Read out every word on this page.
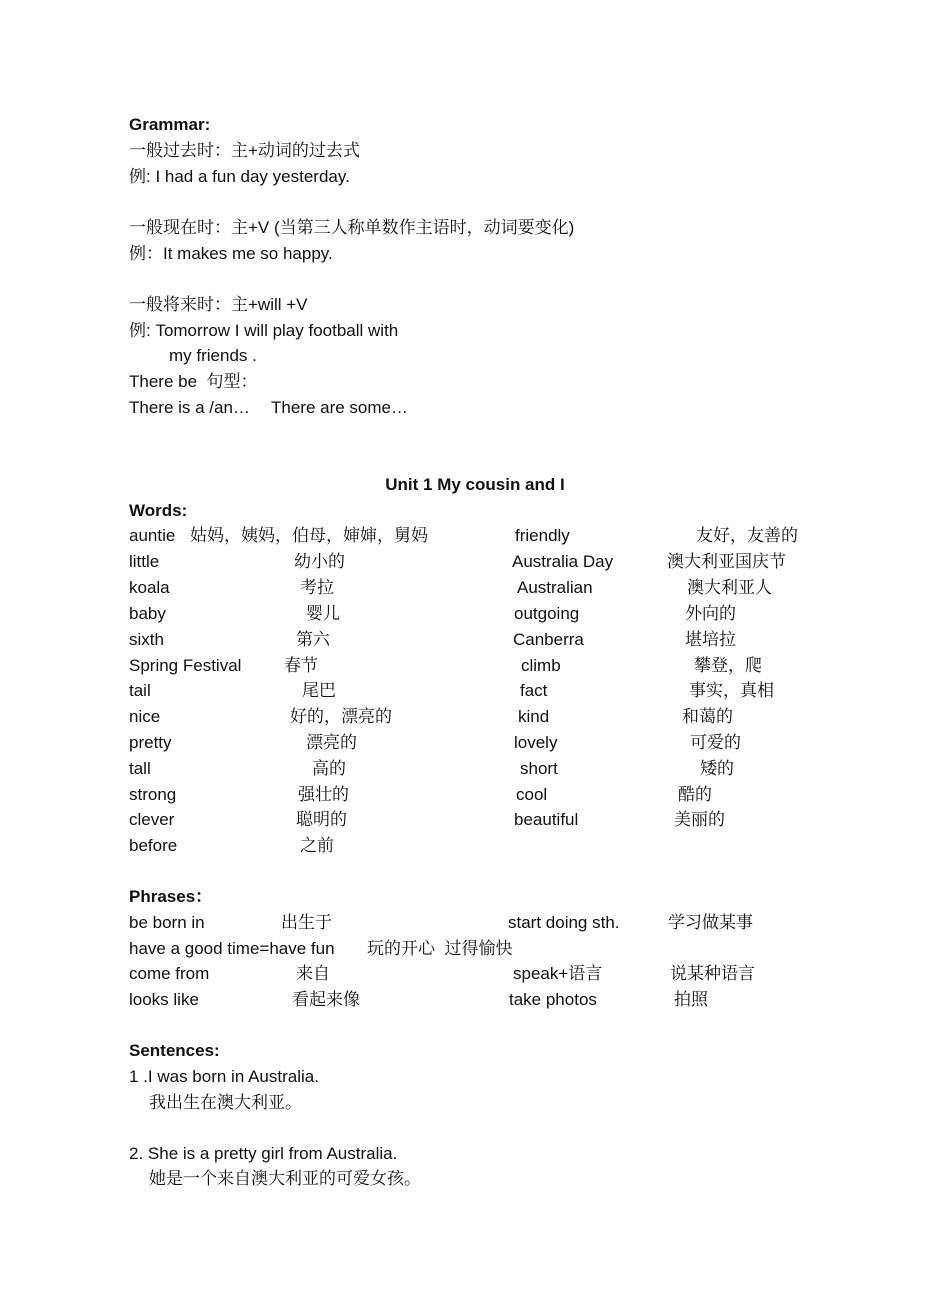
Grammar:
一般过去时：主+动词的过去式
例: I had a fun day yesterday.
一般现在时：主+V (当第三人称单数作主语时，动词要变化)
例：It makes me so happy.
一般将来时：主+will +V
例: Tomorrow I will play football with
my friends .
There be  句型：
There is a /an… There are some…
Unit 1 My cousin and I
Words:
auntie 姑妈，姨妈，伯母，婶婶，舅妈	friendly	友好，友善的
little	幼小的	Australia Day	澳大利亚国庆节
koala	考拉	Australian	澳大利亚人
baby	婴儿	outgoing	外向的
sixth	第六	Canberra	堪培拉
Spring Festival	春节	climb	攀登，爬
tail	尾巴	fact	事实，真相
nice	好的，漂亮的	kind	和蔼的
pretty	漂亮的	lovely	可爱的
tall	高的	short	矮的
strong	强壮的	cool	酷的
clever	聪明的	beautiful	美丽的
before	之前
Phrases：
be born in	出生于	start doing sth.	学习做某事
have a good time=have fun 玩的开心  过得愉快
come from	来自	speak+语言	说某种语言
looks like	看起来像	take photos	拍照
Sentences:
1 .I was born in Australia.
我出生在澳大利亚。
2. She is a pretty girl from Australia.
她是一个来自澳大利亚的可爱女孩。
